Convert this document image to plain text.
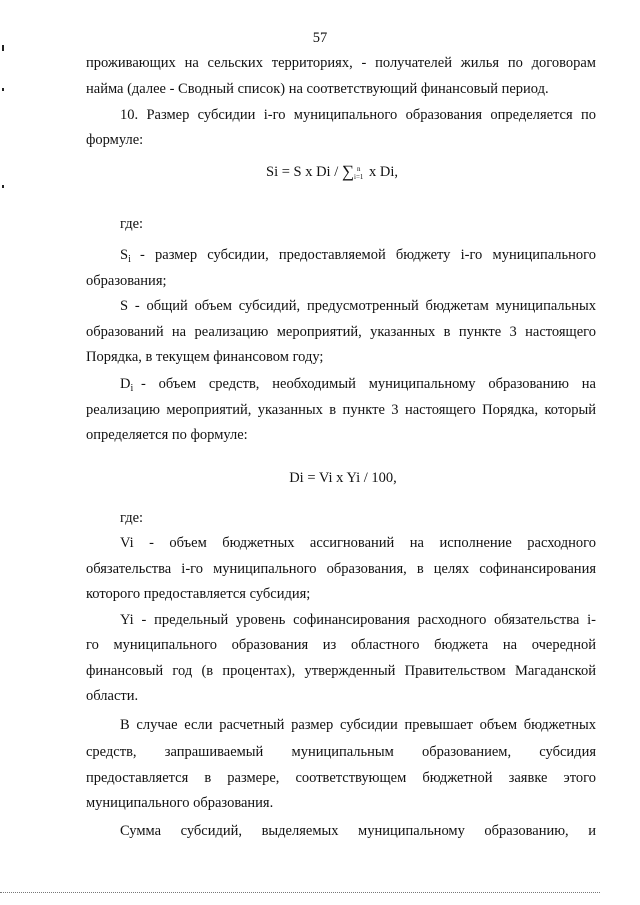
57
проживающих на сельских территориях, - получателей жилья по договорам
найма (далее - Сводный список) на соответствующий финансовый период.
10. Размер субсидии i-го муниципального образования определяется по
формуле:
Si = S x Di / ∑ n
i=1 x Di,
где:
$S_i$ - размер субсидии, предоставляемой бюджету i-го муниципального
образования;
S - общий объем субсидий, предусмотренный бюджетам муниципальных
образований на реализацию мероприятий, указанных в пункте 3 настоящего
Порядка, в текущем финансовом году;
$D_i$ - объем средств, необходимый муниципальному образованию на
реализацию мероприятий, указанных в пункте 3 настоящего Порядка, который
определяется по формуле:
Di = Vi x Yi / 100,
где:
Vi - объем бюджетных ассигнований на исполнение расходного
обязательства i-го муниципального образования, в целях софинансирования
которого предоставляется субсидия;
Yi - предельный уровень софинансирования расходного обязательства i-
го муниципального образования из областного бюджета на очередной
финансовый год (в процентах), утвержденный Правительством Магаданской
области.
В случае если расчетный размер субсидии превышает объем бюджетных
средств, запрашиваемый муниципальным образованием, субсидия
предоставляется в размере, соответствующем бюджетной заявке этого
муниципального образования.
Сумма субсидий, выделяемых муниципальному образованию, и
